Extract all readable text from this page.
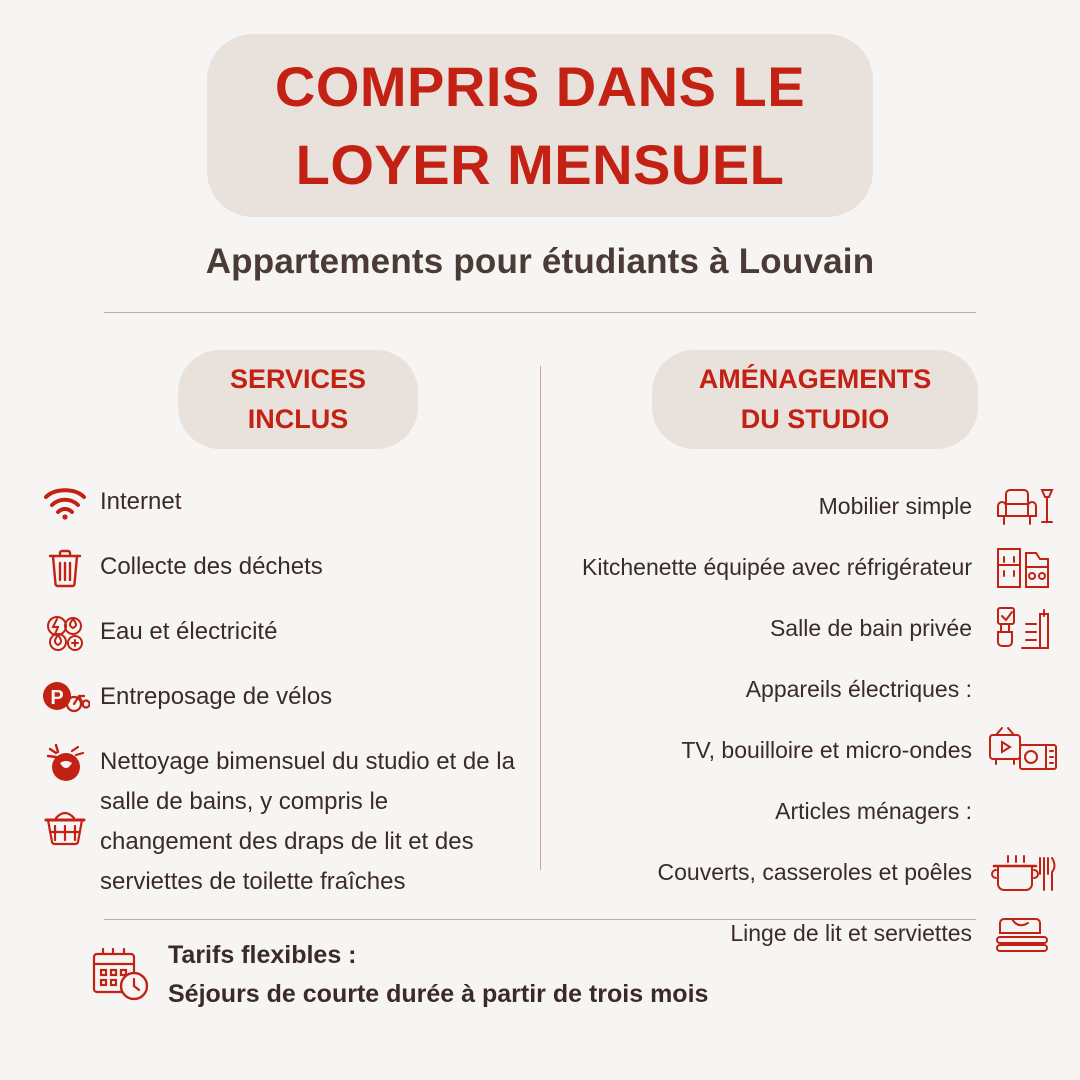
COMPRIS DANS LE
LOYER MENSUEL
Appartements pour étudiants à Louvain
SERVICES
INCLUS
AMÉNAGEMENTS
DU STUDIO
Internet
Collecte des déchets
Eau et électricité
P Entreposage de vélos
Nettoyage bimensuel du studio et de la salle de bains, y compris le changement des draps de lit et des serviettes de toilette fraîches
Mobilier simple
Kitchenette équipée avec réfrigérateur
Salle de bain privée
Appareils électriques :
TV, bouilloire et micro-ondes
Articles ménagers :
Couverts, casseroles et poêles
Linge de lit et serviettes
Tarifs flexibles :
Séjours de courte durée à partir de trois mois
